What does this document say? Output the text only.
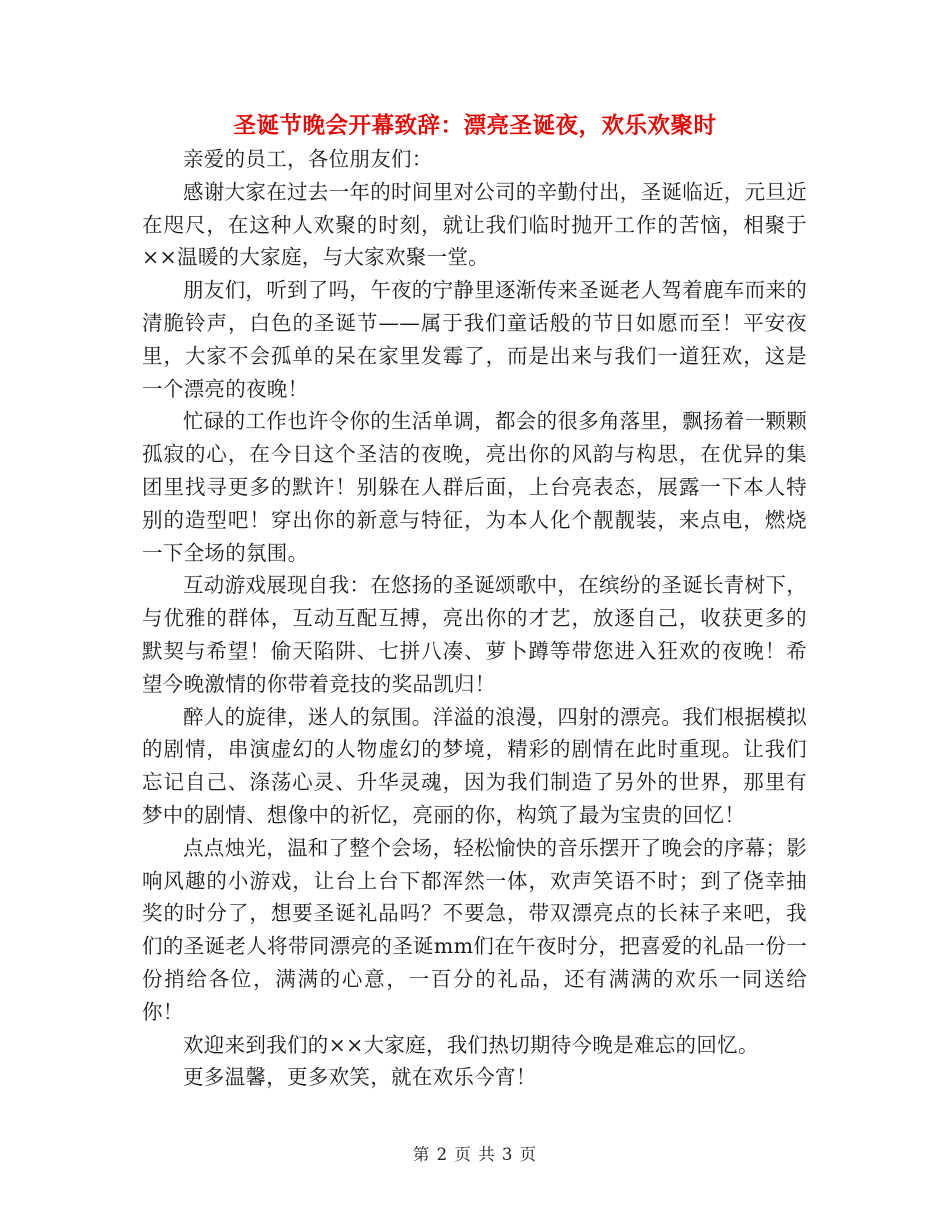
圣诞节晚会开幕致辞：漂亮圣诞夜，欢乐欢聚时

亲爱的员工，各位朋友们：

感谢大家在过去一年的时间里对公司的辛勤付出，圣诞临近，元旦近在咫尺，在这种人欢聚的时刻，就让我们临时抛开工作的苦恼，相聚于××温暖的大家庭，与大家欢聚一堂。

朋友们，听到了吗，午夜的宁静里逐渐传来圣诞老人驾着鹿车而来的清脆铃声，白色的圣诞节——属于我们童话般的节日如愿而至！平安夜里，大家不会孤单的呆在家里发霉了，而是出来与我们一道狂欢，这是一个漂亮的夜晚！

忙碌的工作也许令你的生活单调，都会的很多角落里，飘扬着一颗颗孤寂的心，在今日这个圣洁的夜晚，亮出你的风韵与构思，在优异的集团里找寻更多的默许！别躲在人群后面，上台亮表态，展露一下本人特别的造型吧！穿出你的新意与特征，为本人化个靓靓装，来点电，燃烧一下全场的氛围。

互动游戏展现自我：在悠扬的圣诞颂歌中，在缤纷的圣诞长青树下，与优雅的群体，互动互配互搏，亮出你的才艺，放逐自己，收获更多的默契与希望！偷天陷阱、七拼八凑、萝卜蹲等带您进入狂欢的夜晚！希望今晚激情的你带着竞技的奖品凯归！

醉人的旋律，迷人的氛围。洋溢的浪漫，四射的漂亮。我们根据模拟的剧情，串演虚幻的人物虚幻的梦境，精彩的剧情在此时重现。让我们忘记自己、涤荡心灵、升华灵魂，因为我们制造了另外的世界，那里有梦中的剧情、想像中的祈忆，亮丽的你，构筑了最为宝贵的回忆！

点点烛光，温和了整个会场，轻松愉快的音乐摆开了晚会的序幕；影响风趣的小游戏，让台上台下都浑然一体，欢声笑语不时；到了侥幸抽奖的时分了，想要圣诞礼品吗？不要急，带双漂亮点的长袜子来吧，我们的圣诞老人将带同漂亮的圣诞mm们在午夜时分，把喜爱的礼品一份一份捎给各位，满满的心意，一百分的礼品，还有满满的欢乐一同送给你！

欢迎来到我们的××大家庭，我们热切期待今晚是难忘的回忆。

更多温馨，更多欢笑，就在欢乐今宵！

第 2 页 共 3 页
